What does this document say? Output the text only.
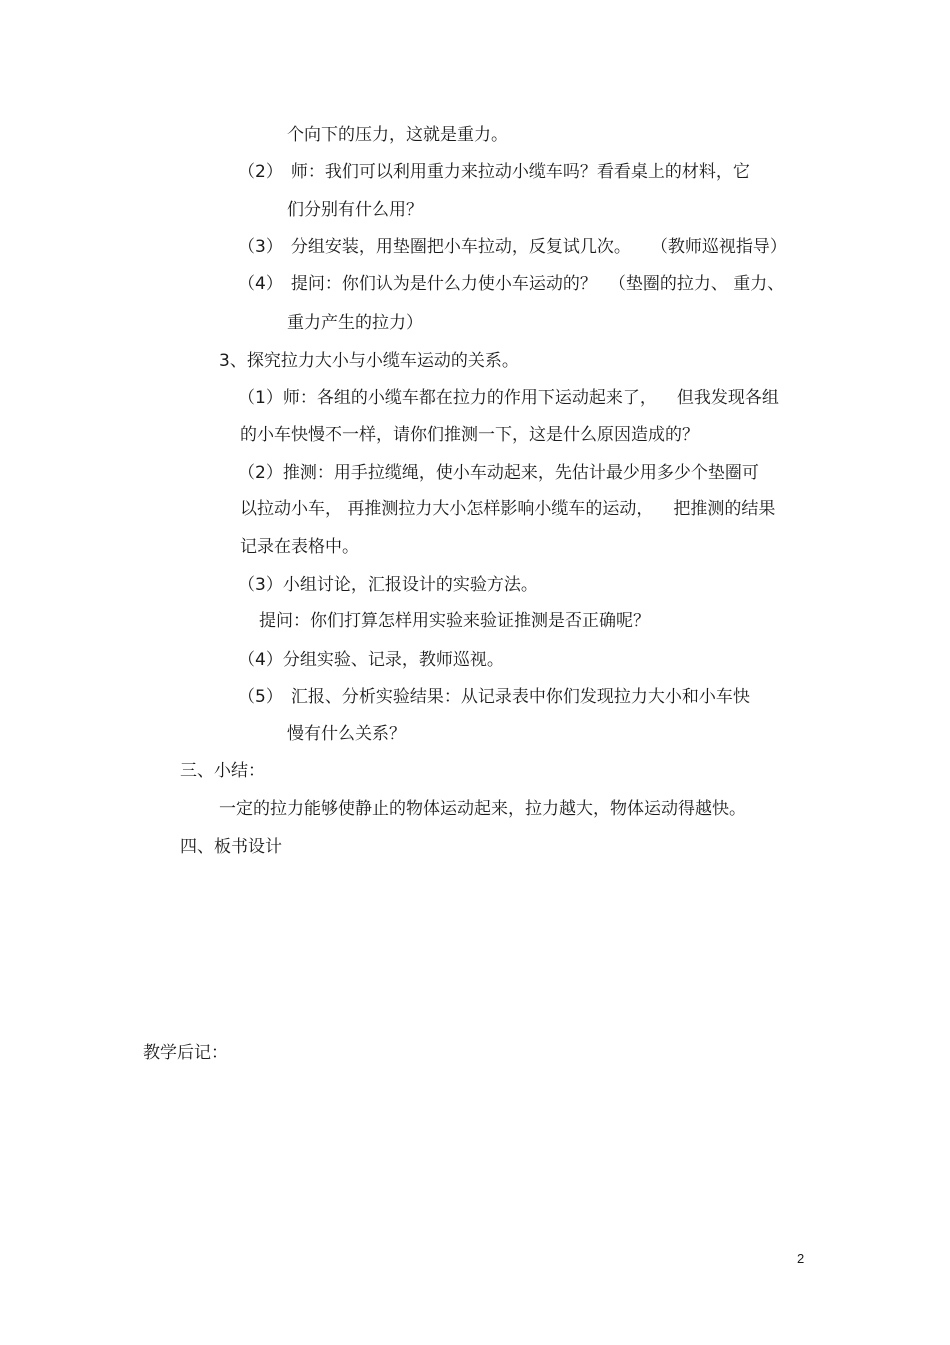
个向下的压力，这就是重力。
（2） 师：我们可以利用重力来拉动小缆车吗？看看桌上的材料，它
们分别有什么用？
（3） 分组安装，用垫圈把小车拉动，反复试几次。 （教师巡视指导）
（4） 提问：你们认为是什么力使小车运动的？ （垫圈的拉力、 重力、
重力产生的拉力）
3、探究拉力大小与小缆车运动的关系。
（1）师：各组的小缆车都在拉力的作用下运动起来了， 但我发现各组
的小车快慢不一样，请你们推测一下，这是什么原因造成的？
（2）推测：用手拉缆绳，使小车动起来，先估计最少用多少个垫圈可
以拉动小车， 再推测拉力大小怎样影响小缆车的运动， 把推测的结果
记录在表格中。
（3）小组讨论，汇报设计的实验方法。
提问：你们打算怎样用实验来验证推测是否正确呢？
（4）分组实验、记录，教师巡视。
（5） 汇报、分析实验结果：从记录表中你们发现拉力大小和小车快
慢有什么关系？
三、小结：
一定的拉力能够使静止的物体运动起来，拉力越大，物体运动得越快。
四、板书设计
教学后记：
2
